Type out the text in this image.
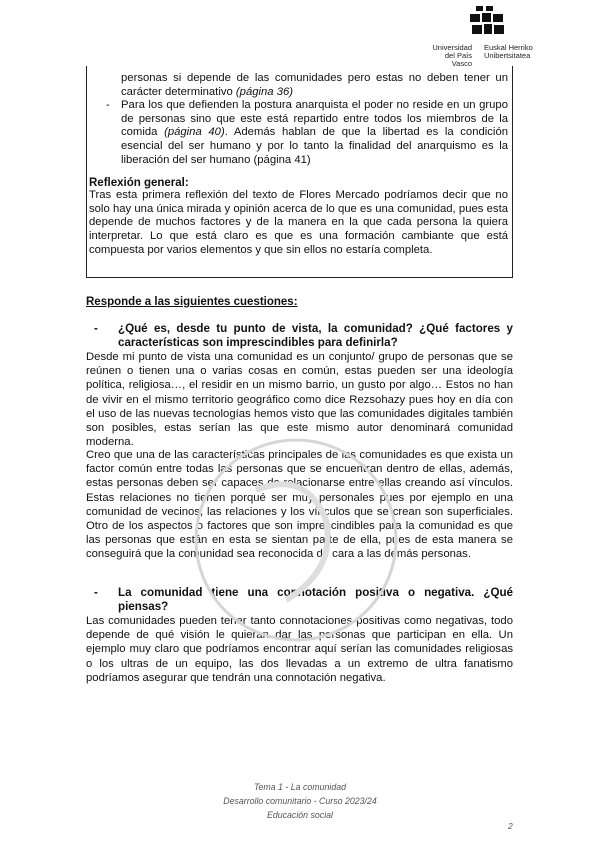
Universidad
del País Vasco
Euskal Herriko
Unibertsitatea
personas si depende de las comunidades pero estas no deben tener un carácter determinativo (página 36)
- Para los que defienden la postura anarquista el poder no reside en un grupo de personas sino que este está repartido entre todos los miembros de la comida (página 40). Además hablan de que la libertad es la condición esencial del ser humano y por lo tanto la finalidad del anarquismo es la liberación del ser humano (página 41)
Reflexión general:
Tras esta primera reflexión del texto de Flores Mercado podríamos decir que no solo hay una única mirada y opinión acerca de lo que es una comunidad, pues esta depende de muchos factores y de la manera en la que cada persona la quiera interpretar. Lo que está claro es que es una formación cambiante que está compuesta por varios elementos y que sin ellos no estaría completa.
Responde a las siguientes cuestiones:
-	¿Qué es, desde tu punto de vista, la comunidad? ¿Qué factores y características son imprescindibles para definirla?
Desde mi punto de vista una comunidad es un conjunto/ grupo de personas que se reúnen o tienen una o varias cosas en común, estas pueden ser una ideología política, religiosa…, el residir en un mismo barrio, un gusto por algo… Estos no han de vivir en el mismo territorio geográfico como dice Rezsohazy pues hoy en día con el uso de las nuevas tecnologías hemos visto que las comunidades digitales también son posibles, estas serían las que este mismo autor denominará comunidad moderna.
Creo que una de las características principales de las comunidades es que exista un factor común entre todas las personas que se encuentran dentro de ellas, además, estas personas deben ser capaces de relacionarse entre ellas creando así vínculos. Estas relaciones no tienen porqué ser muy personales pues por ejemplo en una comunidad de vecinos, las relaciones y los vínculos que se crean son superficiales. Otro de los aspectos o factores que son imprescindibles para la comunidad es que las personas que están en esta se sientan parte de ella, pues de esta manera se conseguirá que la comunidad sea reconocida de cara a las demás personas.
-	La comunidad tiene una connotación positiva o negativa. ¿Qué piensas?
Las comunidades pueden tener tanto connotaciones positivas como negativas, todo depende de qué visión le quieran dar las personas que participan en ella. Un ejemplo muy claro que podríamos encontrar aquí serían las comunidades religiosas o los ultras de un equipo, las dos llevadas a un extremo de ultra fanatismo podríamos asegurar que tendrán una connotación negativa.
Tema 1 - La comunidad
Desarrollo comunitario - Curso 2023/24
Educación social
2
